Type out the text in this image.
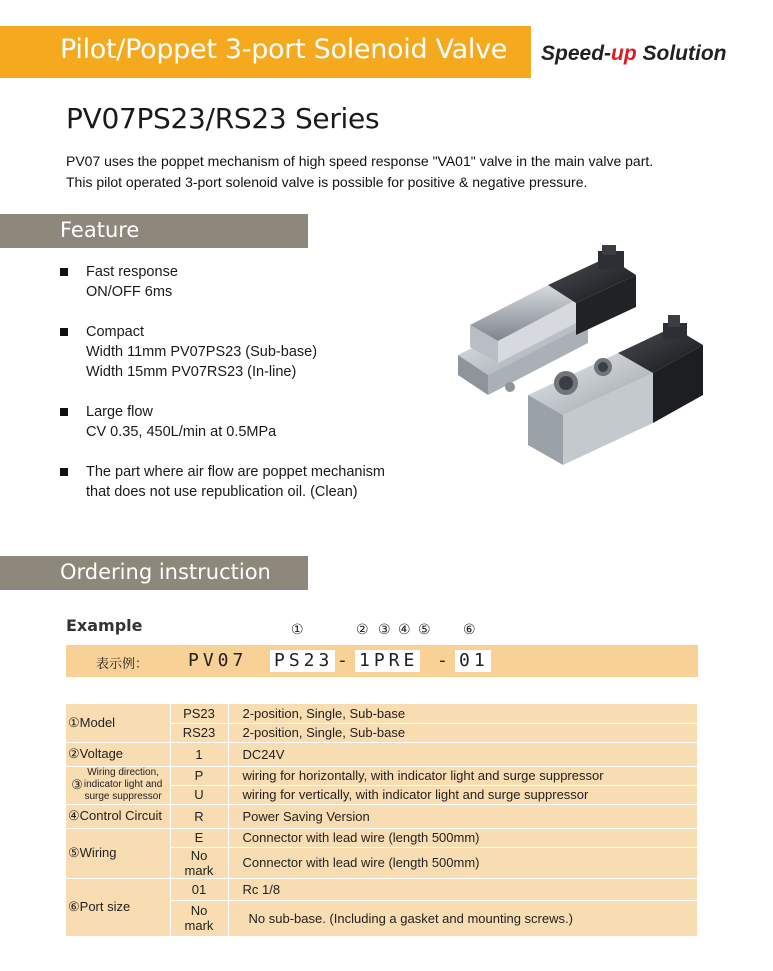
Pilot/Poppet 3-port Solenoid Valve Speed-up Solution
PV07PS23/RS23 Series
PV07 uses the poppet mechanism of high speed response "VA01" valve in the main valve part.
This pilot operated 3-port solenoid valve is possible for positive & negative pressure.
Feature
Fast response
ON/OFF 6ms
Compact
Width 11mm PV07PS23 (Sub-base)
Width 15mm PV07RS23 (In-line)
Large flow
CV 0.35, 450L/min at 0.5MPa
The part where air flow are poppet mechanism
that does not use republication oil. (Clean)
Ordering instruction
Example	①	② ③ ④ ⑤ ⑥
表示例： PV07 PS23 - 1PRE - 01
①Model	PS23	2-position, Single, Sub-base
	RS23	2-position, Single, Sub-base
②Voltage	1	DC24V

③
Wiring direction,
indicator light and
surge suppressor	P	wiring for horizontally, with indicator light and surge suppressor
	U	wiring for vertically, with indicator light and surge suppressor
④Control Circuit	R	Power Saving Version
⑤Wiring	E	Connector with lead wire (length 500mm)
	No mark	Connector with lead wire (length 500mm)
⑥Port size	01	Rc 1/8
	No mark	No sub-base. (Including a gasket and mounting screws.)
